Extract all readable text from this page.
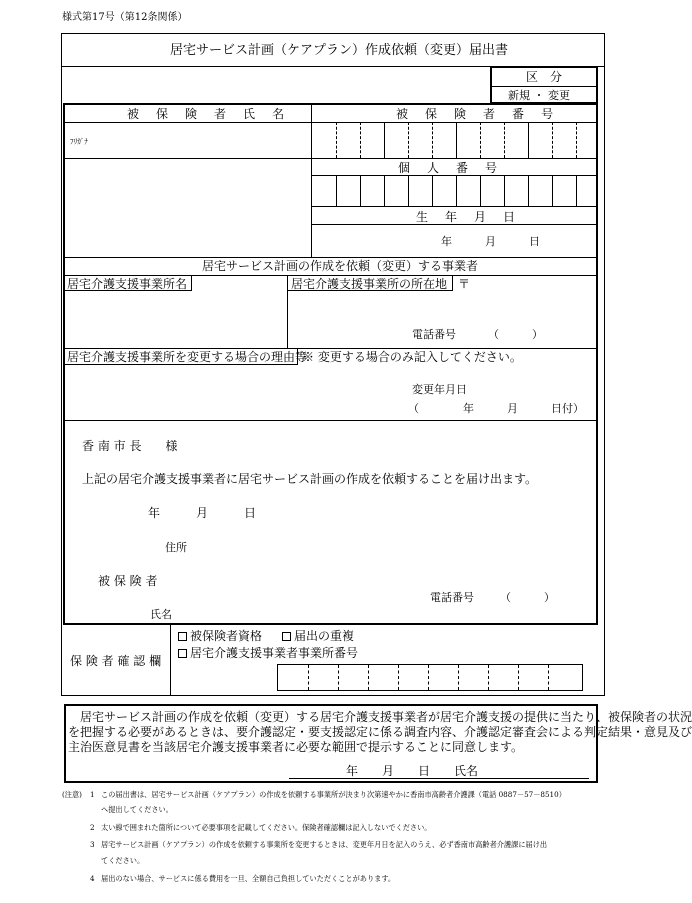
様式第17号（第12条関係）
居宅サービス計画（ケアプラン）作成依頼（変更）届出書
区　分
新規 ・ 変更
被 保 険 者 氏 名	被 保 険 者 番 号
ﾌﾘｶﾞﾅ
個 人 番 号
生 年 月 日
年　　　月　　　日
居宅サービス計画の作成を依頼（変更）する事業者
居宅介護支援事業所名	居宅介護支援事業所の所在地 〒
電話番号	（　　　）
居宅介護支援事業所を変更する場合の理由等
※ 変更する場合のみ記入してください。
変更年月日
（　　　　年　　　月　　　日付）
香 南 市 長　　様
上記の居宅介護支援事業者に居宅サービス計画の作成を依頼することを届け出ます。
年　　　月　　　日
住所
被 保 険 者
電話番号 （　　　）
氏名
保 険 者 確 認 欄
被保険者資格	届出の重複
居宅介護支援事業者事業所番号
居宅サービス計画の作成を依頼（変更）する居宅介護支援事業者が居宅介護支援の提供に当たり、被保険者の状況
を把握する必要があるときは、要介護認定・要支援認定に係る調査内容、介護認定審査会による判定結果・意見及び
主治医意見書を当該居宅介護支援事業者に必要な範囲で提示することに同意します。
年　　月　　日　　氏名
(注意) 1 この届出書は、居宅サービス計画（ケアプラン）の作成を依頼する事業所が決まり次第速やかに香南市高齢者介護課（電話 0887－57－8510）
へ提出してください。
2 太い線で囲まれた箇所について必要事項を記載してください。保険者確認欄は記入しないでください。
3 居宅サービス計画（ケアプラン）の作成を依頼する事業所を変更するときは、変更年月日を記入のうえ、必ず香南市高齢者介護課に届け出
てください。
4 届出のない場合、サービスに係る費用を一旦、全額自己負担していただくことがあります。
